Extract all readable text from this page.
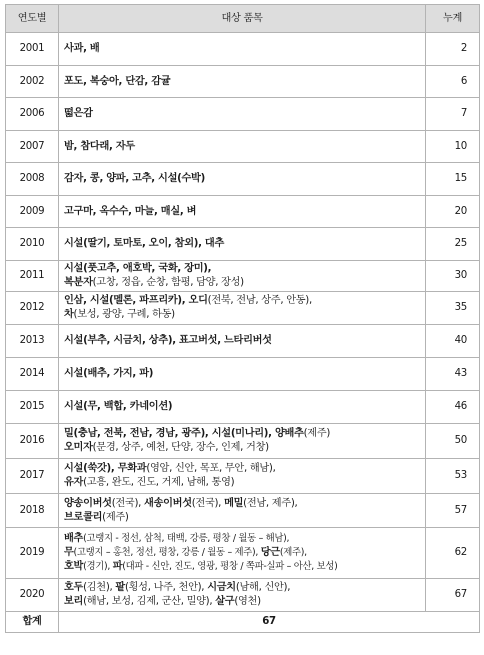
연도별	대상 품목	누계
2001	사과, 배	2
2002	포도, 복숭아, 단감, 감귤	6
2006	떫은감	7
2007	밤, 참다래, 자두	10
2008	감자, 콩, 양파, 고추, 시설(수박)	15
2009	고구마, 옥수수, 마늘, 매실, 벼	20
2010	시설(딸기, 토마토, 오이, 참외), 대추	25
2011	시설(풋고추, 애호박, 국화, 장미),
복분자(고창, 정읍, 순창, 함평, 담양, 장성)	30
2012	인삼, 시설(멜론, 파프리카), 오디(전북, 전남, 상주, 안동),
차(보성, 광양, 구례, 하동)	35
2013	시설(부추, 시금치, 상추), 표고버섯, 느타리버섯	40
2014	시설(배추, 가지, 파)	43
2015	시설(무, 백합, 카네이션)	46
2016	밀(충남, 전북, 전남, 경남, 광주), 시설(미나리), 양배추(제주)
오미자(문경, 상주, 예천, 단양, 장수, 인제, 거창)	50
2017	시설(쑥갓), 무화과(영암, 신안, 목포, 무안, 해남),
유자(고흥, 완도, 진도, 거제, 남해, 통영)	53
2018	양송이버섯(전국), 새송이버섯(전국), 메밀(전남, 제주),
브로콜리(제주)	57
2019	배추(고랭지 - 정선, 삼척, 태백, 강릉, 평창 / 월동 – 해남),
무(고랭지 – 홍천, 정선, 평창, 강릉 / 월동 – 제주), 당근(제주),
호박(경기), 파(대파 - 신안, 진도, 영광, 평창 / 쪽파-실파 – 아산, 보성)	62
2020	호두(김천), 팥(횡성, 나주, 천안), 시금치(남해, 신안),
보리(해남, 보성, 김제, 군산, 밀양), 살구(영천)	67
합계	67	
